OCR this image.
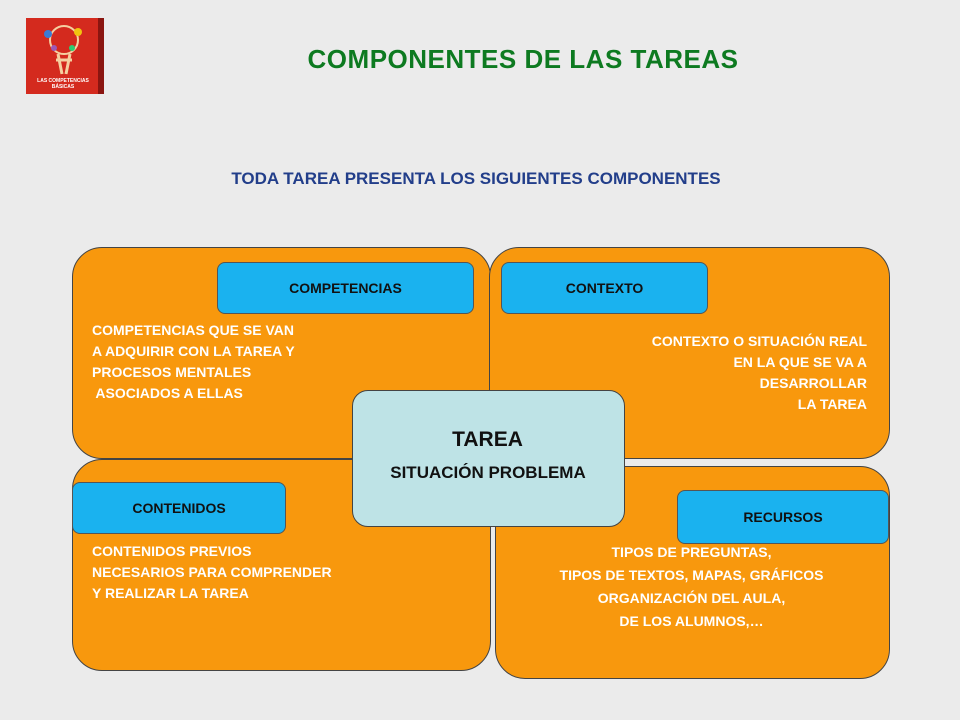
LAS COMPETENCIAS BÁSICAS
COMPONENTES DE LAS TAREAS
TODA TAREA PRESENTA LOS SIGUIENTES COMPONENTES
COMPETENCIAS	CONTEXTO
CONTENIDOS
RECURSOS
COMPETENCIAS QUE SE VAN
A ADQUIRIR CON LA TAREA Y
PROCESOS MENTALES
ASOCIADOS A ELLAS
CONTEXTO O SITUACIÓN REAL
EN LA QUE SE VA A
DESARROLLAR
LA TAREA
CONTENIDOS PREVIOS
NECESARIOS PARA COMPRENDER
Y REALIZAR LA TAREA
TIPOS DE PREGUNTAS,
TIPOS DE TEXTOS, MAPAS, GRÁFICOS
ORGANIZACIÓN DEL AULA,
DE LOS ALUMNOS,…
TAREA
SITUACIÓN PROBLEMA
